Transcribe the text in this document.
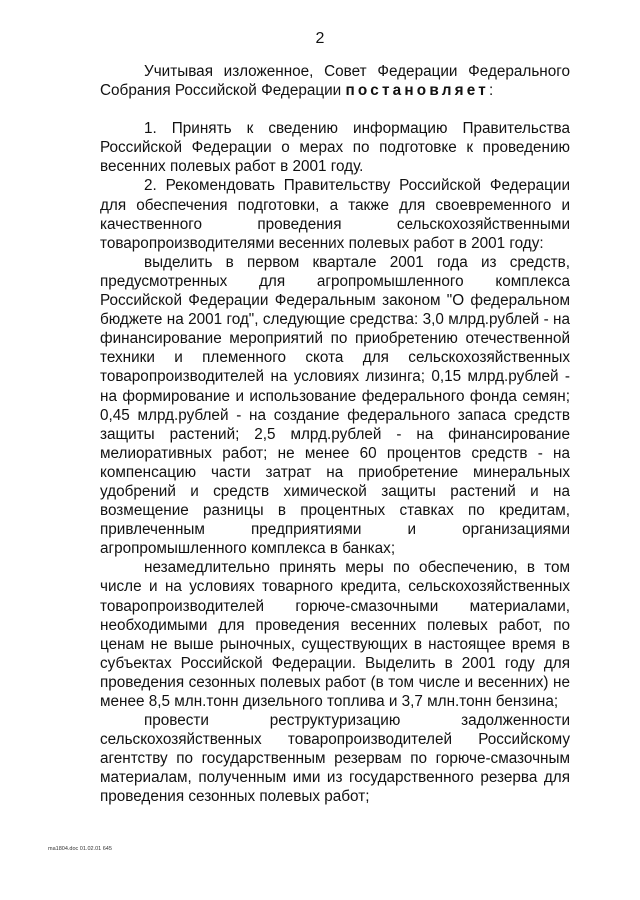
2

Учитывая изложенное, Совет Федерации Федерального Собрания Российской Федерации постановляет:

1. Принять к сведению информацию Правительства Российской Федерации о мерах по подготовке к проведению весенних полевых работ в 2001 году.

2. Рекомендовать Правительству Российской Федерации для обеспечения подготовки, а также для своевременного и качественного проведения сельскохозяйственными товаропроизводителями весенних полевых работ в 2001 году:

выделить в первом квартале 2001 года из средств, предусмотренных для агропромышленного комплекса Российской Федерации Федеральным законом "О федеральном бюджете на 2001 год", следующие средства: 3,0 млрд.рублей - на финансирование мероприятий по приобретению отечественной техники и племенного скота для сельскохозяйственных товаропроизводителей на условиях лизинга; 0,15 млрд.рублей - на формирование и использование федерального фонда семян; 0,45 млрд.рублей - на создание федерального запаса средств защиты растений; 2,5 млрд.рублей - на финансирование мелиоративных работ; не менее 60 процентов средств - на компенсацию части затрат на приобретение минеральных удобрений и средств химической защиты растений и на возмещение разницы в процентных ставках по кредитам, привлеченным предприятиями и организациями агропромышленного комплекса в банках;

незамедлительно принять меры по обеспечению, в том числе и на условиях товарного кредита, сельскохозяйственных товаропроизводителей горюче-смазочными материалами, необходимыми для проведения весенних полевых работ, по ценам не выше рыночных, существующих в настоящее время в субъектах Российской Федерации. Выделить в 2001 году для проведения сезонных полевых работ (в том числе и весенних) не менее 8,5 млн.тонн дизельного топлива и 3,7 млн.тонн бензина;

провести реструктуризацию задолженности сельскохозяйственных товаропроизводителей Российскому агентству по государственным резервам по горюче-смазочным материалам, полученным ими из государственного резерва для проведения сезонных полевых работ;

ma1804.doc 01.02.01 645
